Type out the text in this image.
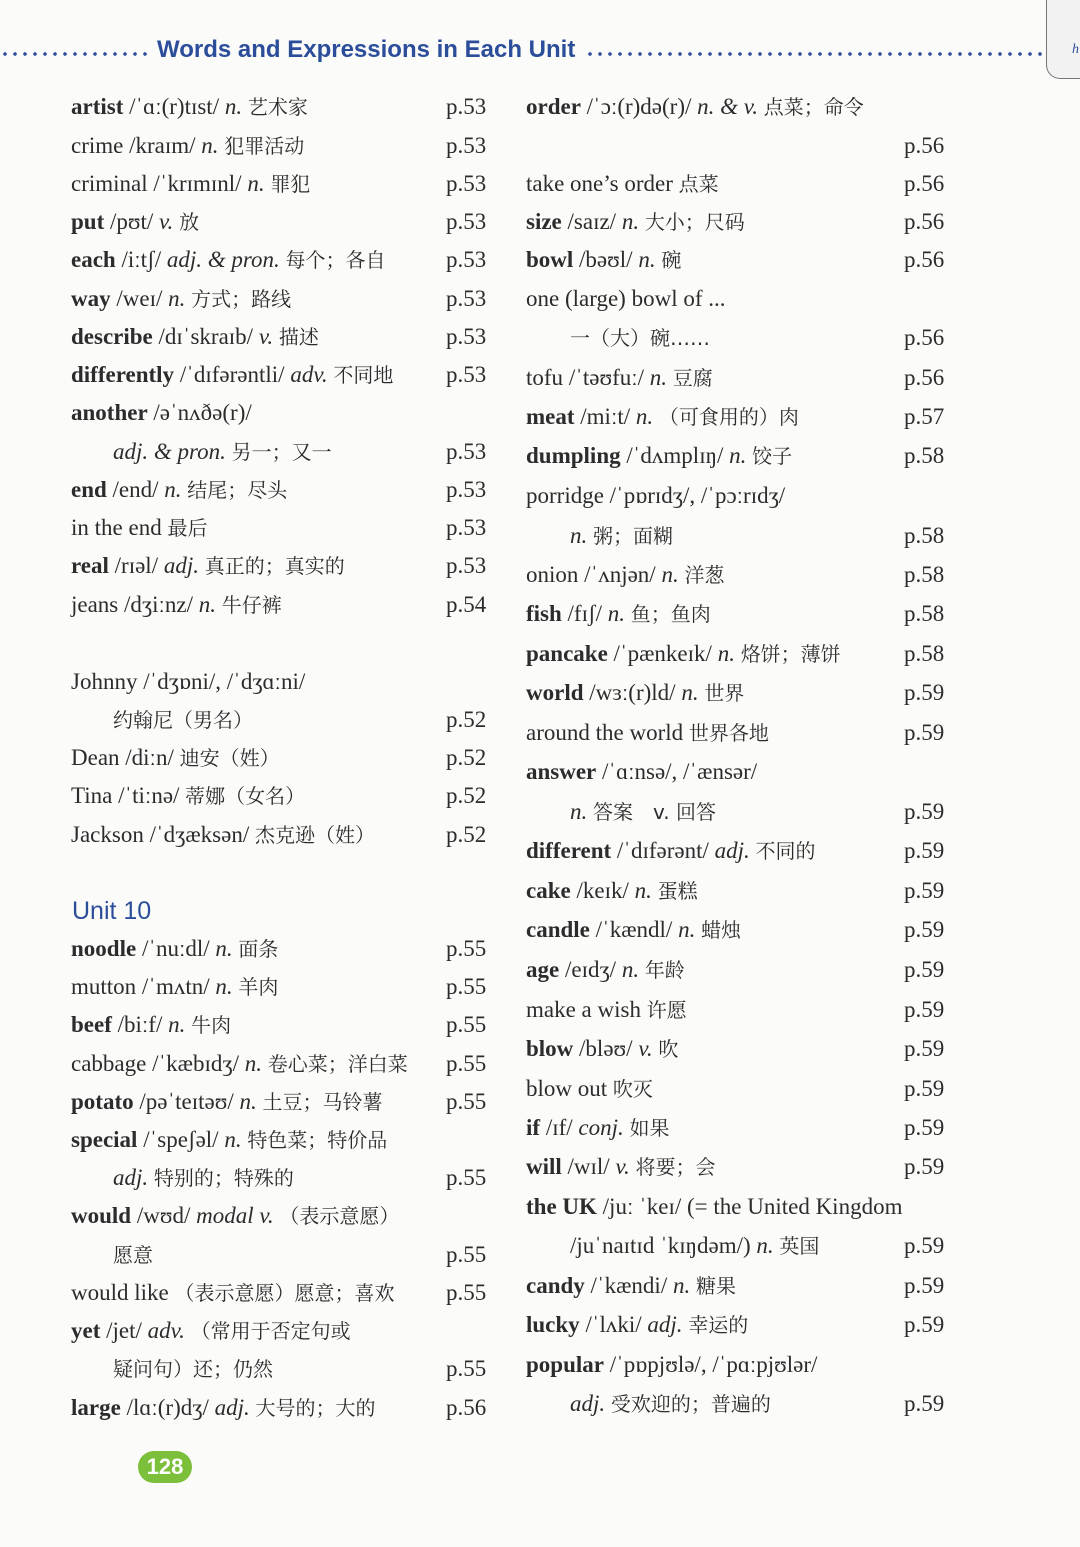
Words and Expressions in Each Unit	h
Unit 10
artist /ˈɑː(r)tɪst/ n. 艺术家	p.53
crime /kraɪm/ n. 犯罪活动	p.53
criminal /ˈkrɪmɪnl/ n. 罪犯	p.53
put /pʊt/ v. 放	p.53
each /iːtʃ/ adj. & pron. 每个；各自	p.53
way /weɪ/ n. 方式；路线	p.53
describe /dɪˈskraɪb/ v. 描述	p.53
differently /ˈdɪfərəntli/ adv. 不同地 p.53
another /əˈnʌðə(r)/
adj. & pron. 另一；又一	p.53
end /end/ n. 结尾；尽头	p.53
in the end 最后	p.53
real /rɪəl/ adj. 真正的；真实的	p.53
jeans /dʒiːnz/ n. 牛仔裤	p.54
Johnny /ˈdʒɒni/, /ˈdʒɑːni/
约翰尼（男名）	p.52
Dean /diːn/ 迪安（姓）	p.52
Tina /ˈtiːnə/ 蒂娜（女名）	p.52
Jackson /ˈdʒæksən/ 杰克逊（姓）	p.52
noodle /ˈnuːdl/ n. 面条	p.55
mutton /ˈmʌtn/ n. 羊肉	p.55
beef /biːf/ n. 牛肉	p.55
cabbage /ˈkæbɪdʒ/ n. 卷心菜；洋白菜 p.55
potato /pəˈteɪtəʊ/ n. 土豆；马铃薯	p.55
special /ˈspeʃəl/ n. 特色菜；特价品
adj. 特别的；特殊的	p.55
would /wʊd/ modal v. （表示意愿）
愿意	p.55
would like （表示意愿）愿意；喜欢 p.55
yet /jet/ adv. （常用于否定句或
疑问句）还；仍然	p.55
large /lɑː(r)dʒ/ adj. 大号的；大的	p.56
order /ˈɔː(r)də(r)/ n. & v. 点菜；命令
p.56
take one’s order 点菜	p.56
size /saɪz/ n. 大小；尺码	p.56
bowl /bəʊl/ n. 碗	p.56
one (large) bowl of ...
一（大）碗……	p.56
tofu /ˈtəʊfuː/ n. 豆腐	p.56
meat /miːt/ n. （可食用的）肉	p.57
dumpling /ˈdʌmplɪŋ/ n. 饺子	p.58
porridge /ˈpɒrɪdʒ/, /ˈpɔːrɪdʒ/
n. 粥；面糊	p.58
onion /ˈʌnjən/ n. 洋葱	p.58
fish /fɪʃ/ n. 鱼；鱼肉	p.58
pancake /ˈpænkeɪk/ n. 烙饼；薄饼	p.58
world /wɜː(r)ld/ n. 世界	p.59
around the world 世界各地	p.59
answer /ˈɑːnsə/, /ˈænsər/
n. 答案　v. 回答	p.59
different /ˈdɪfərənt/ adj. 不同的	p.59
cake /keɪk/ n. 蛋糕	p.59
candle /ˈkændl/ n. 蜡烛	p.59
age /eɪdʒ/ n. 年龄	p.59
make a wish 许愿	p.59
blow /bləʊ/ v. 吹	p.59
blow out 吹灭	p.59
if /ɪf/ conj. 如果	p.59
will /wɪl/ v. 将要；会	p.59
the UK /juː ˈkeɪ/ (= the United Kingdom
/juˈnaɪtɪd ˈkɪŋdəm/) n. 英国	p.59
candy /ˈkændi/ n. 糖果	p.59
lucky /ˈlʌki/ adj. 幸运的	p.59
popular /ˈpɒpjʊlə/, /ˈpɑːpjʊlər/
adj. 受欢迎的；普遍的	p.59
128
